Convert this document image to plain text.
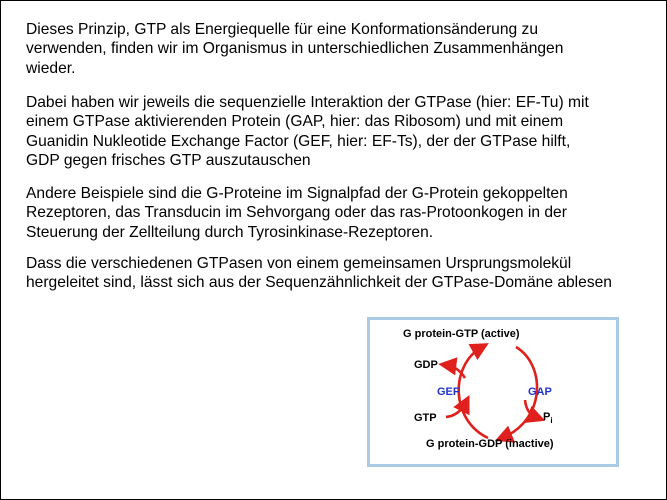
Dieses Prinzip, GTP als Energiequelle für eine Konformationsänderung zu
verwenden, finden wir im Organismus in unterschiedlichen Zusammenhängen
wieder.

Dabei haben wir jeweils die sequenzielle Interaktion der GTPase (hier: EF-Tu) mit
einem GTPase aktivierenden Protein (GAP, hier: das Ribosom) und mit einem
Guanidin Nukleotide Exchange Factor (GEF, hier: EF-Ts), der der GTPase hilft,
GDP gegen frisches GTP auszutauschen

Andere Beispiele sind die G-Proteine im Signalpfad der G-Protein gekoppelten
Rezeptoren, das Transducin im Sehvorgang oder das ras-Protoonkogen in der
Steuerung der Zellteilung durch Tyrosinkinase-Rezeptoren.

Dass die verschiedenen GTPasen von einem gemeinsamen Ursprungsmolekül
hergeleitet sind, lässt sich aus der Sequenzähnlichkeit der GTPase-Domäne ablesen

G protein-GTP (active)
GDP
GEF	GAP
GTP	$P_i$
G protein-GDP (inactive)
